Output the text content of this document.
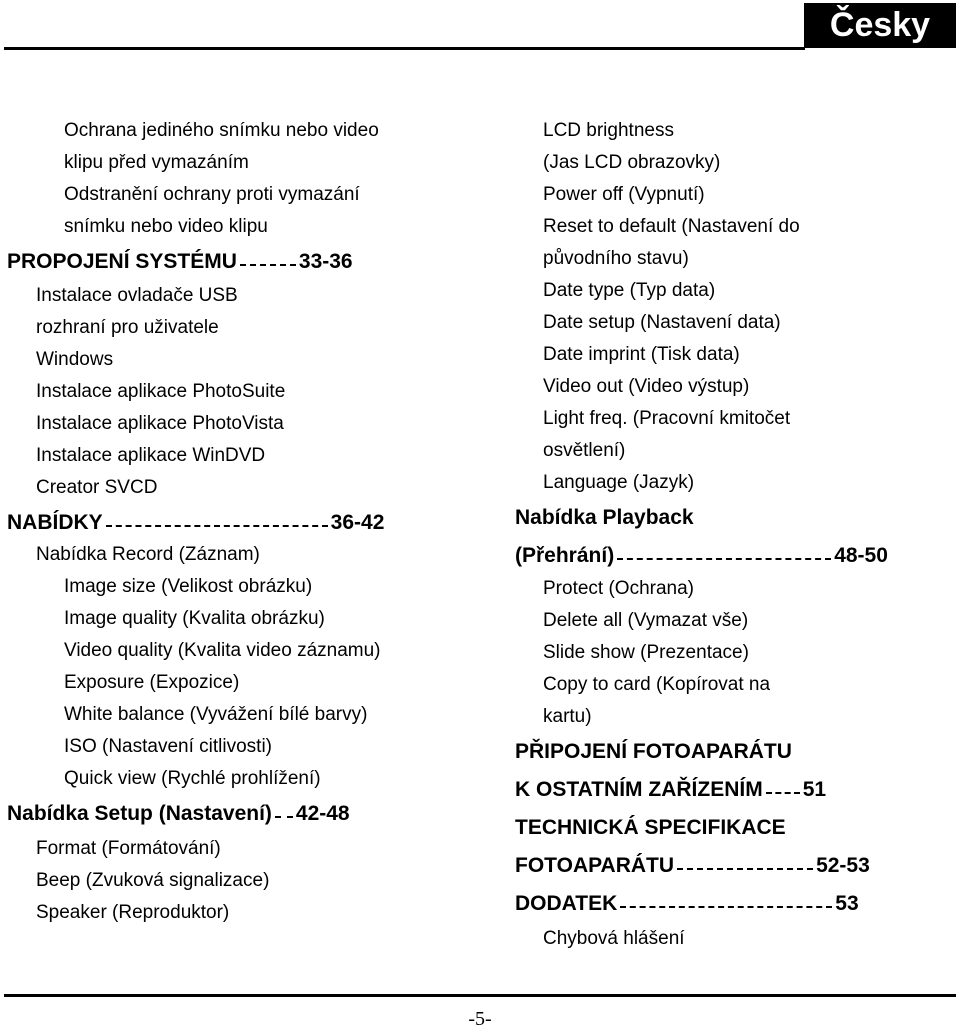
Česky
Ochrana jediného snímku nebo video
klipu před vymazáním
Odstranění ochrany proti vymazání
snímku nebo video klipu
PROPOJENÍ SYSTÉMU	33-36
Instalace ovladače USB
rozhraní pro uživatele
Windows
Instalace aplikace PhotoSuite
Instalace aplikace PhotoVista
Instalace aplikace WinDVD
Creator SVCD
NABÍDKY	36-42
Nabídka Record (Záznam)
Image size (Velikost obrázku)
Image quality (Kvalita obrázku)
Video quality (Kvalita video záznamu)
Exposure (Expozice)
White balance (Vyvážení bílé barvy)
ISO (Nastavení citlivosti)
Quick view (Rychlé prohlížení)
Nabídka Setup (Nastavení) 42-48
Format (Formátování)
Beep (Zvuková signalizace)
Speaker (Reproduktor)
LCD brightness
(Jas LCD obrazovky)
Power off (Vypnutí)
Reset to default (Nastavení do
původního stavu)
Date type (Typ data)
Date setup (Nastavení data)
Date imprint (Tisk data)
Video out (Video výstup)
Light freq. (Pracovní kmitočet
osvětlení)
Language (Jazyk)
Nabídka Playback
(Přehrání)	48-50
Protect (Ochrana)
Delete all (Vymazat vše)
Slide show (Prezentace)
Copy to card (Kopírovat na
kartu)
PŘIPOJENÍ FOTOAPARÁTU
K OSTATNÍM ZAŘÍZENÍM 51
TECHNICKÁ SPECIFIKACE
FOTOAPARÁTU	52-53
DODATEK	53
Chybová hlášení
-5-
